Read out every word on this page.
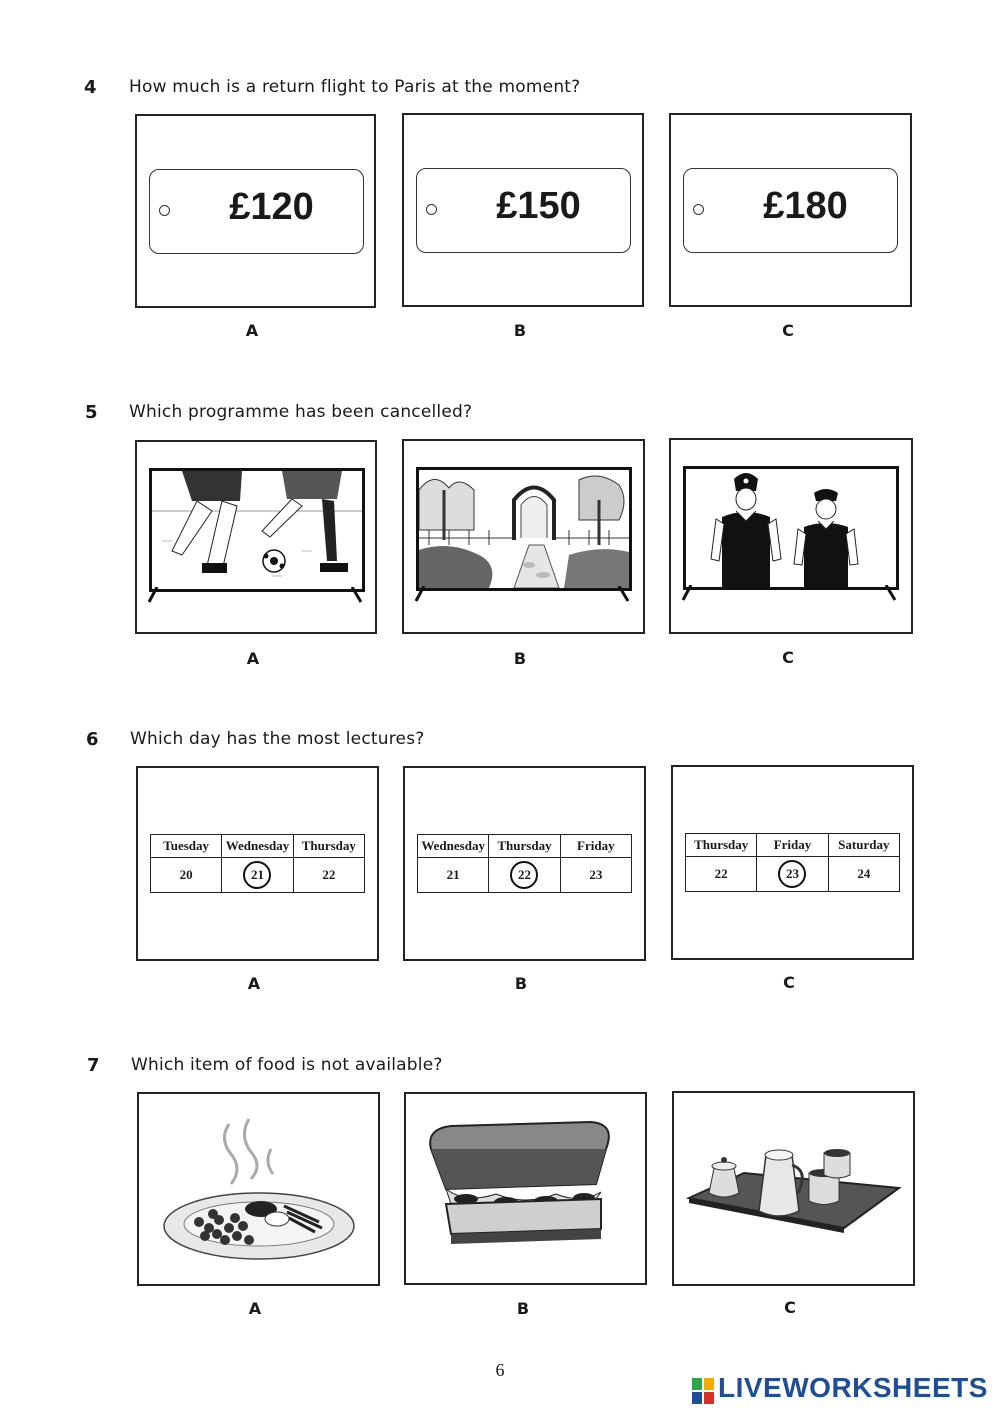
4 How much is a return flight to Paris at the moment?
£120	£150	£180
A	B	C
5 Which programme has been cancelled?
A	B	C
6 Which day has the most lectures?
Tuesday	Wednesday	Thursday
20	21	22
Wednesday	Thursday	Friday
21	22	23
Thursday	Friday	Saturday
22	23	24
A	B	C
7 Which item of food is not available?
A	B	C
6
LIVEWORKSHEETS
